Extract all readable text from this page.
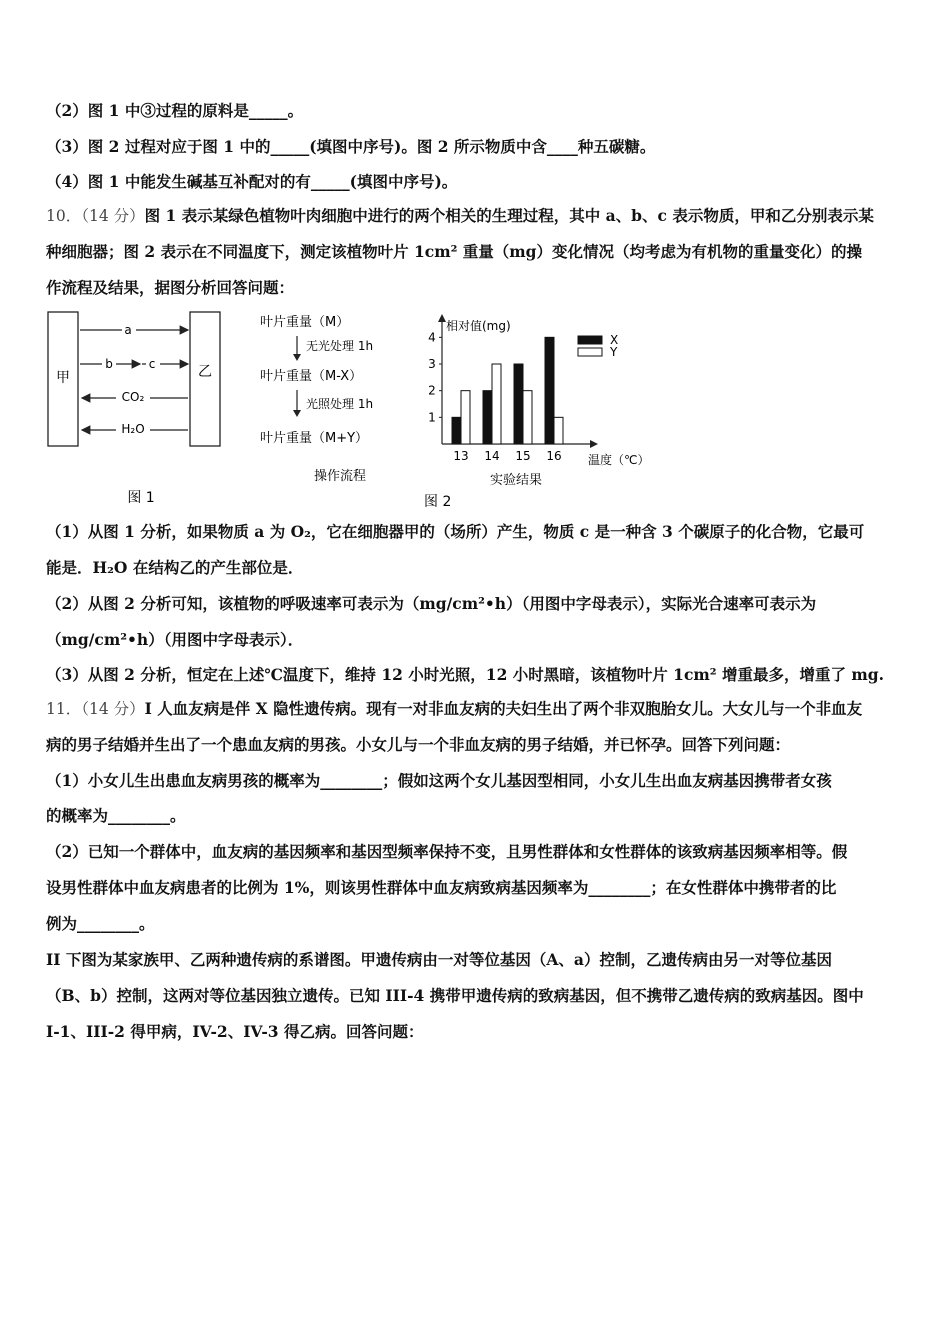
（2）图 1 中③过程的原料是_____。
（3）图 2 过程对应于图 1 中的_____(填图中序号)。图 2 所示物质中含____种五碳糖。
（4）图 1 中能发生碱基互补配对的有_____(填图中序号)。
10．（14 分）图 1 表示某绿色植物叶肉细胞中进行的两个相关的生理过程，其中 a、b、c 表示物质，甲和乙分别表示某
种细胞器；图 2 表示在不同温度下，测定该植物叶片 1cm² 重量（mg）变化情况（均考虑为有机物的重量变化）的操
作流程及结果，据图分析回答问题：
甲	乙
a
b	c
CO₂
H₂O
图 1
叶片重量（M）
无光处理 1h
叶片重量（M-X）
光照处理 1h
叶片重量（M+Y）
操作流程
相对值(mg)
1
2
3
4
13 14 15 16
X
Y
温度（℃）
图 2
实验结果
（1）从图 1 分析，如果物质 a 为 O₂，它在细胞器甲的（场所）产生，物质 c 是一种含 3 个碳原子的化合物，它最可
能是．H₂O 在结构乙的产生部位是．
（2）从图 2 分析可知，该植物的呼吸速率可表示为（mg/cm²•h）（用图中字母表示），实际光合速率可表示为
（mg/cm²•h）（用图中字母表示）．
（3）从图 2 分析，恒定在上述℃温度下，维持 12 小时光照，12 小时黑暗，该植物叶片 1cm² 增重最多，增重了 mg.
11．（14 分）I 人血友病是伴 X 隐性遗传病。现有一对非血友病的夫妇生出了两个非双胞胎女儿。大女儿与一个非血友
病的男子结婚并生出了一个患血友病的男孩。小女儿与一个非血友病的男子结婚，并已怀孕。回答下列问题：
（1）小女儿生出患血友病男孩的概率为________；假如这两个女儿基因型相同，小女儿生出血友病基因携带者女孩
的概率为________。
（2）已知一个群体中，血友病的基因频率和基因型频率保持不变，且男性群体和女性群体的该致病基因频率相等。假
设男性群体中血友病患者的比例为 1%，则该男性群体中血友病致病基因频率为________；在女性群体中携带者的比
例为________。
II 下图为某家族甲、乙两种遗传病的系谱图。甲遗传病由一对等位基因（A、a）控制，乙遗传病由另一对等位基因
（B、b）控制，这两对等位基因独立遗传。已知 III-4 携带甲遗传病的致病基因，但不携带乙遗传病的致病基因。图中
I-1、III-2 得甲病，IV-2、IV-3 得乙病。回答问题：
